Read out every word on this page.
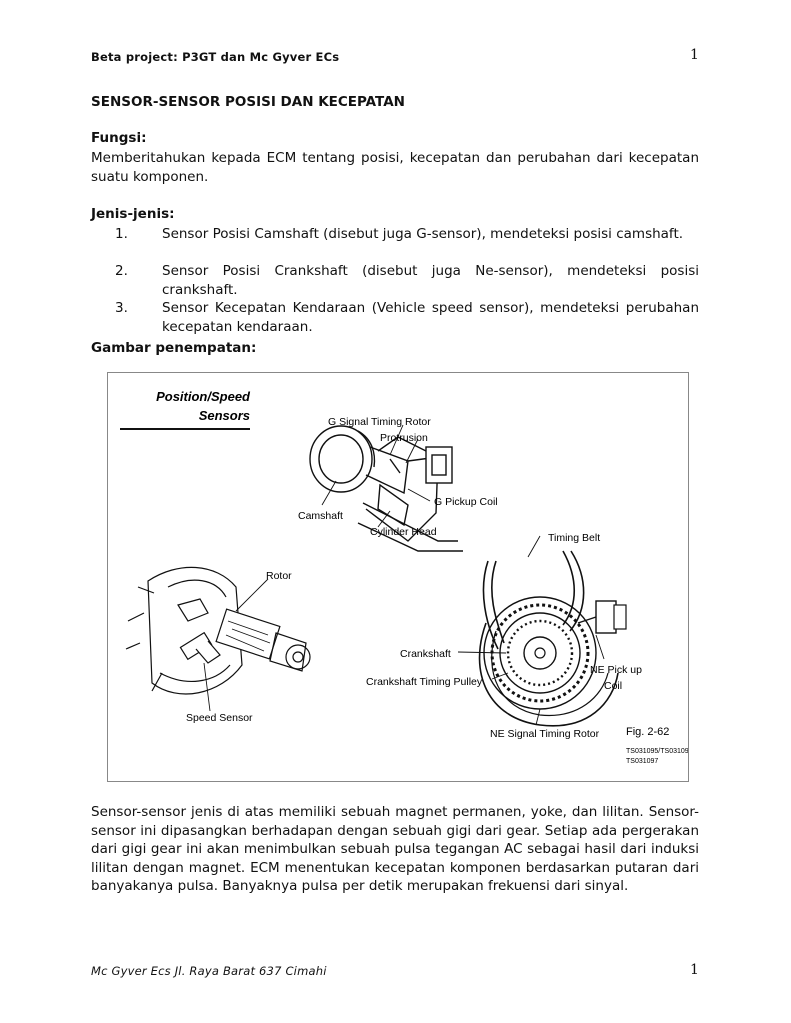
Beta project: P3GT dan Mc Gyver ECs	1
SENSOR-SENSOR POSISI DAN KECEPATAN
Fungsi:
Memberitahukan kepada ECM tentang posisi, kecepatan dan perubahan dari kecepatan suatu komponen.
Jenis-jenis:
1.	Sensor Posisi Camshaft (disebut juga G-sensor), mendeteksi posisi camshaft.
2.	Sensor Posisi Crankshaft (disebut juga Ne-sensor), mendeteksi posisi crankshaft.
3.	Sensor Kecepatan Kendaraan (Vehicle speed sensor), mendeteksi perubahan kecepatan kendaraan.
Gambar penempatan:
Position/Speed
Sensors	G Signal Timing Rotor
Protrusion
G Pickup Coil
Camshaft
Cylinder Head	Timing Belt
Crankshaft
Crankshaft Timing Pulley
NE Pick up
Coil
NE Signal Timing Rotor
Rotor
Speed Sensor
Fig. 2-62
TS031095/TS031096
TS031097
Sensor-sensor jenis di atas memiliki sebuah magnet permanen, yoke, dan lilitan. Sensor-sensor ini dipasangkan berhadapan dengan sebuah gigi dari gear. Setiap ada pergerakan dari gigi gear ini akan menimbulkan sebuah pulsa tegangan AC sebagai hasil dari induksi lilitan dengan magnet. ECM menentukan kecepatan komponen berdasarkan putaran dari banyakanya pulsa. Banyaknya pulsa per detik merupakan frekuensi dari sinyal.
Mc Gyver Ecs Jl. Raya Barat 637 Cimahi	1
